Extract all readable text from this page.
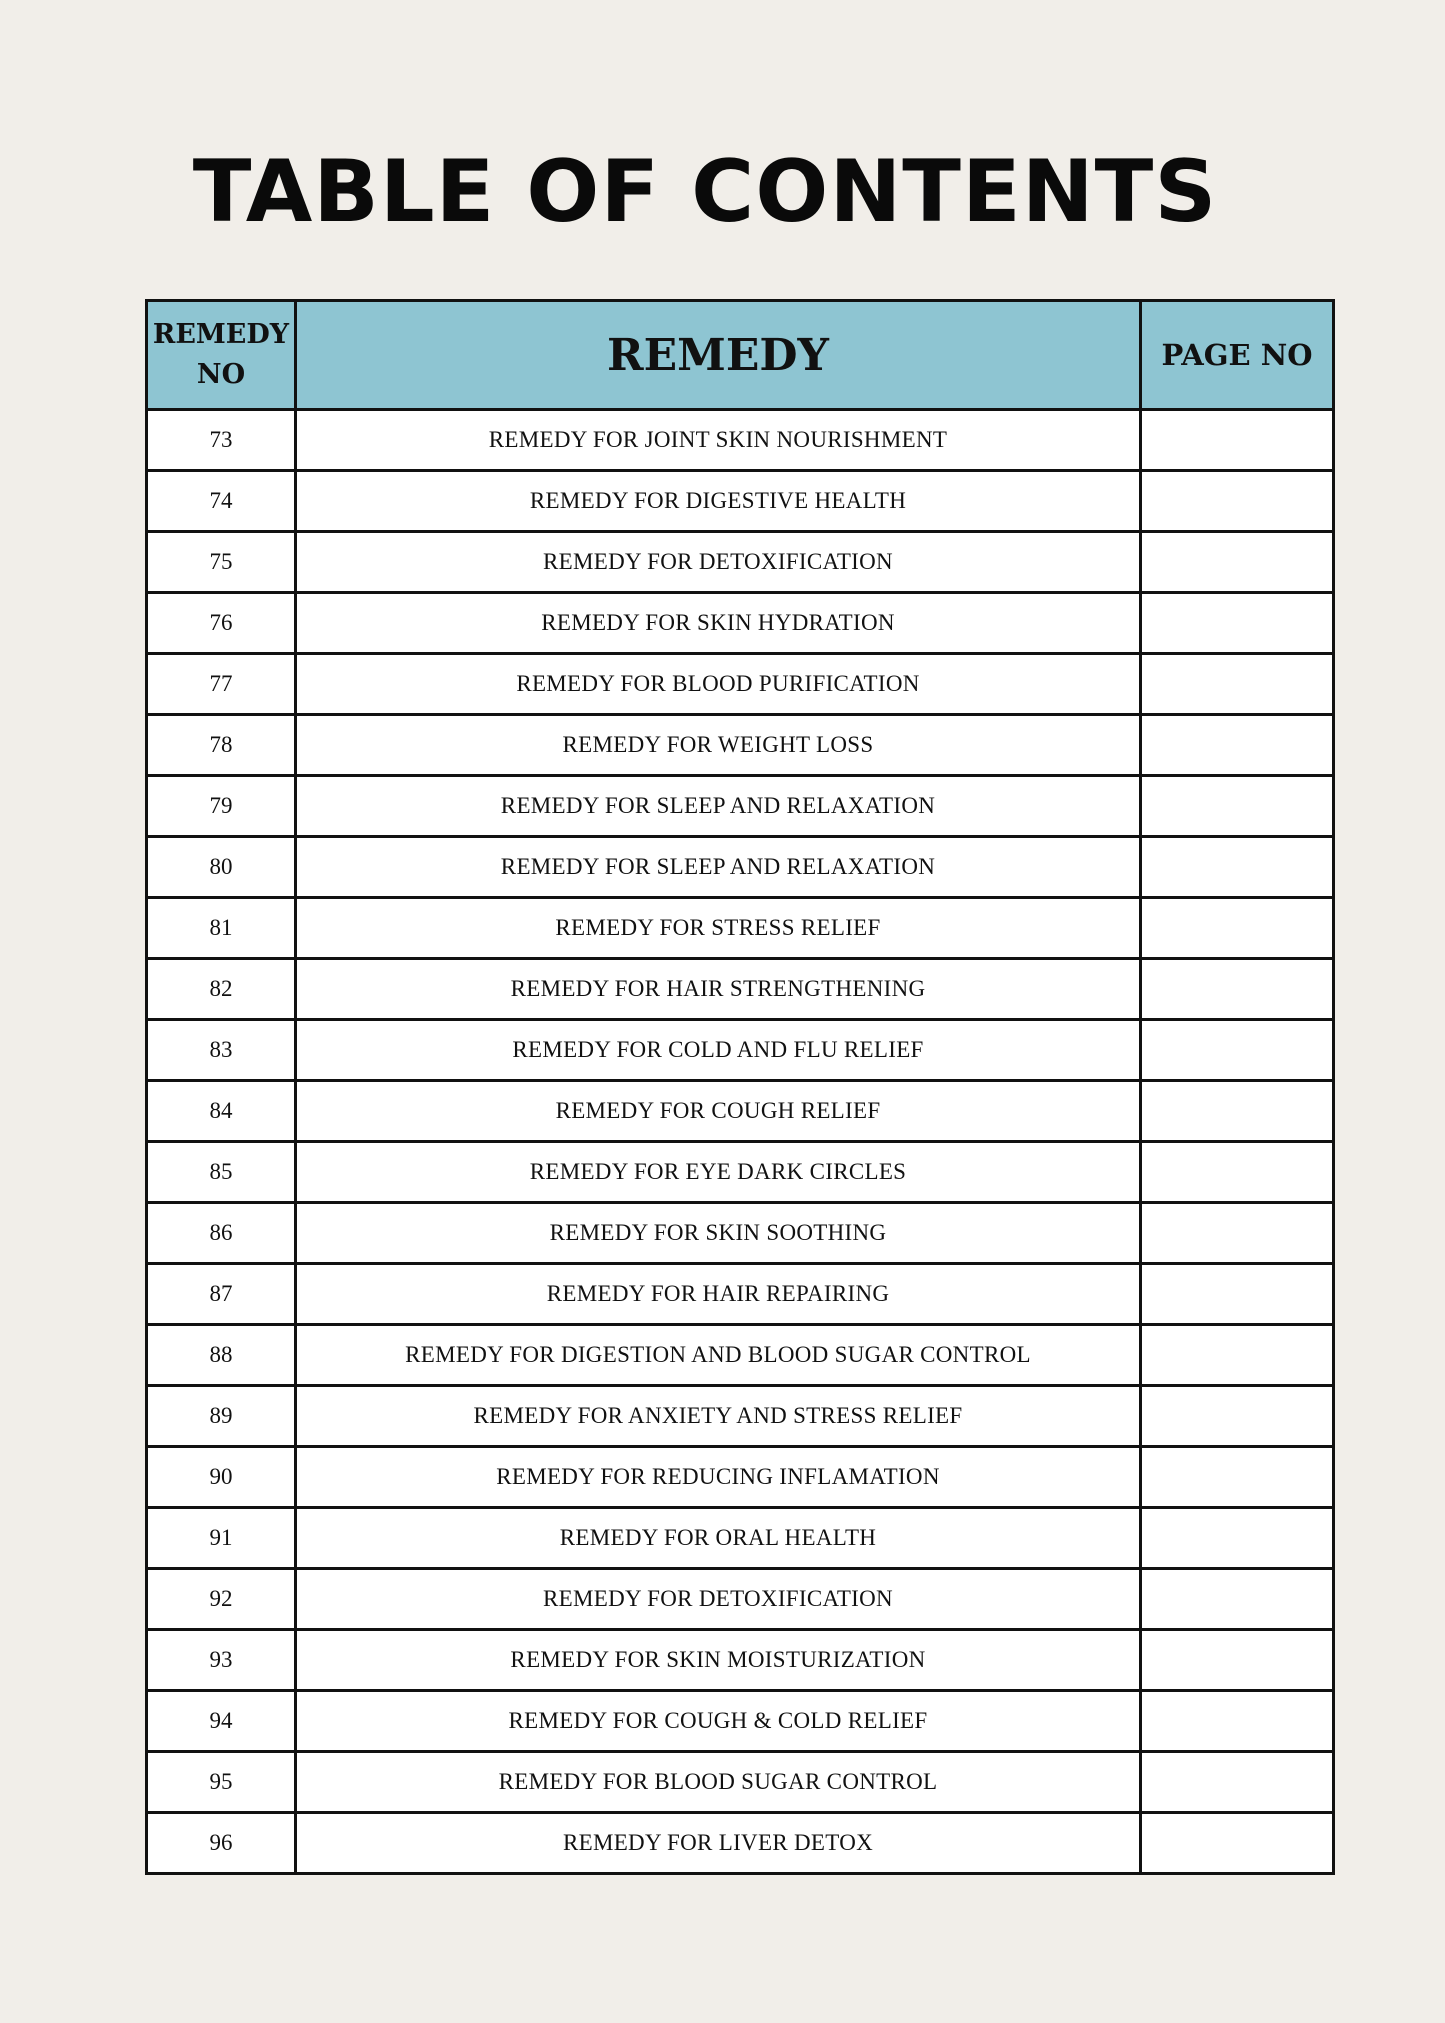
TABLE OF CONTENTS
REMEDY
NO	REMEDY	PAGE NO
73	REMEDY FOR JOINT SKIN NOURISHMENT	
74	REMEDY FOR DIGESTIVE HEALTH	
75	REMEDY FOR DETOXIFICATION	
76	REMEDY FOR SKIN HYDRATION	
77	REMEDY FOR BLOOD PURIFICATION	
78	REMEDY FOR WEIGHT LOSS	
79	REMEDY FOR SLEEP AND RELAXATION	
80	REMEDY FOR SLEEP AND RELAXATION	
81	REMEDY FOR STRESS RELIEF	
82	REMEDY FOR HAIR STRENGTHENING	
83	REMEDY FOR COLD AND FLU RELIEF	
84	REMEDY FOR COUGH RELIEF	
85	REMEDY FOR EYE DARK CIRCLES	
86	REMEDY FOR SKIN SOOTHING	
87	REMEDY FOR HAIR REPAIRING	
88	REMEDY FOR DIGESTION AND BLOOD SUGAR CONTROL	
89	REMEDY FOR ANXIETY AND STRESS RELIEF	
90	REMEDY FOR REDUCING INFLAMATION	
91	REMEDY FOR ORAL HEALTH	
92	REMEDY FOR DETOXIFICATION	
93	REMEDY FOR SKIN MOISTURIZATION	
94	REMEDY FOR COUGH & COLD RELIEF	
95	REMEDY FOR BLOOD SUGAR CONTROL	
96	REMEDY FOR LIVER DETOX	
